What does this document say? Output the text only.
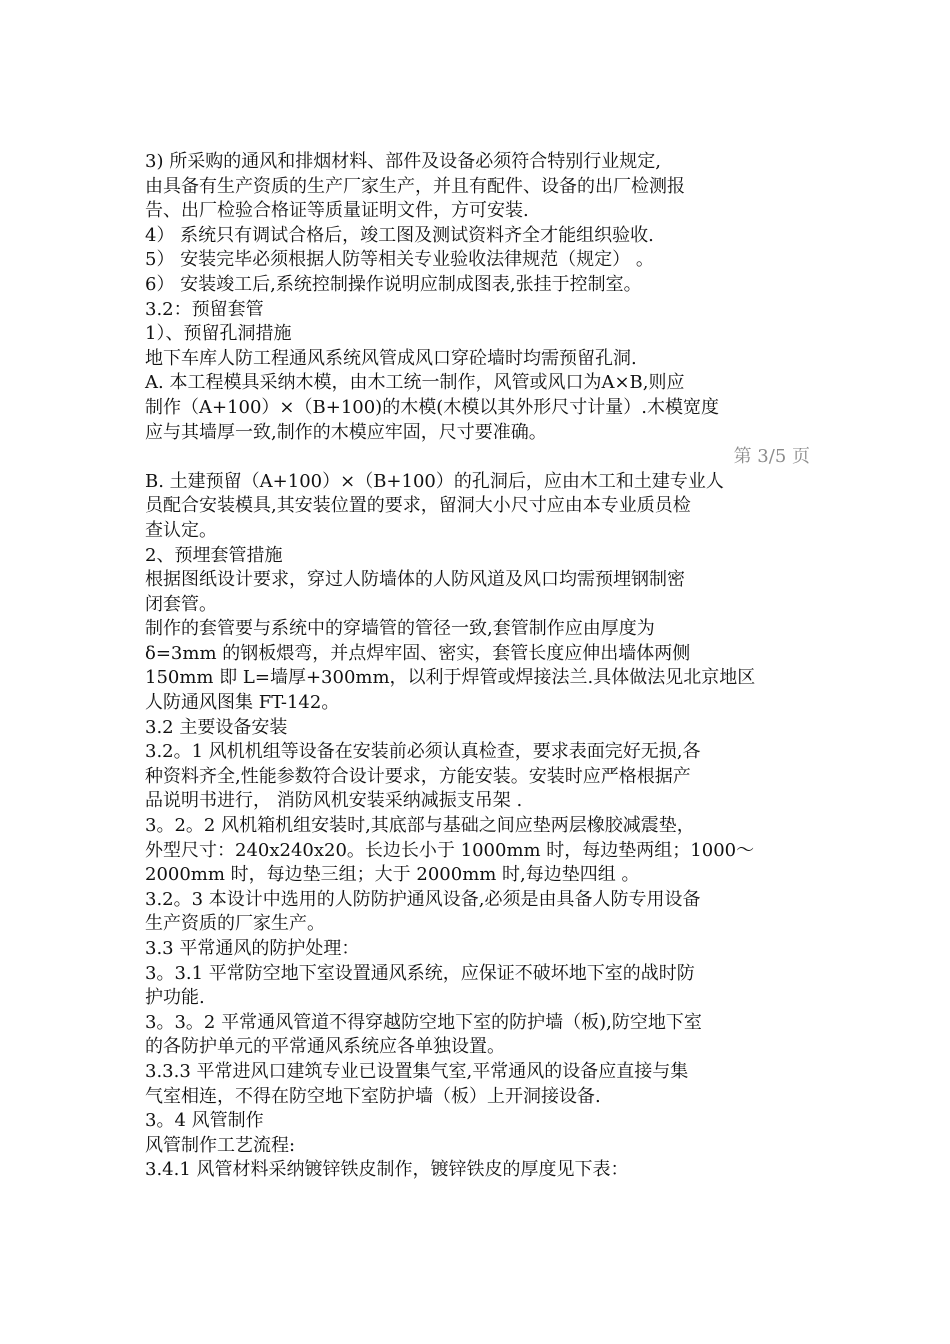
3) 所采购的通风和排烟材料、部件及设备必须符合特别行业规定,
由具备有生产资质的生产厂家生产，并且有配件、设备的出厂检测报
告、出厂检验合格证等质量证明文件，方可安装.
4） 系统只有调试合格后，竣工图及测试资料齐全才能组织验收.
5） 安装完毕必须根据人防等相关专业验收法律规范（规定） 。
6） 安装竣工后,系统控制操作说明应制成图表,张挂于控制室。
3.2：预留套管
1）、预留孔洞措施
地下车库人防工程通风系统风管成风口穿砼墙时均需预留孔洞.
A. 本工程模具采纳木模，由木工统一制作，风管或风口为A×B,则应
制作（A+100）×（B+100)的木模(木模以其外形尺寸计量）.木模宽度
应与其墙厚一致,制作的木模应牢固，尺寸要准确。
第 3/5 页
B. 土建预留（A+100）×（B+100）的孔洞后，应由木工和土建专业人
员配合安装模具,其安装位置的要求，留洞大小尺寸应由本专业质员检
查认定。
2、预埋套管措施
根据图纸设计要求，穿过人防墙体的人防风道及风口均需预埋钢制密
闭套管。
制作的套管要与系统中的穿墙管的管径一致,套管制作应由厚度为
δ=3mm 的钢板煨弯，并点焊牢固、密实，套管长度应伸出墙体两侧
150mm 即 L=墙厚+300mm，以利于焊管或焊接法兰.具体做法见北京地区
人防通风图集 FT-142。
3.2 主要设备安装
3.2。1 风机机组等设备在安装前必须认真检查，要求表面完好无损,各
种资料齐全,性能参数符合设计要求，方能安装。安装时应严格根据产
品说明书进行， 消防风机安装采纳减振支吊架 .
3。2。2 风机箱机组安装时,其底部与基础之间应垫两层橡胶减震垫，
外型尺寸：240x240x20。长边长小于 1000mm 时，每边垫两组；1000～
2000mm 时，每边垫三组；大于 2000mm 时,每边垫四组 。
3.2。3 本设计中选用的人防防护通风设备,必须是由具备人防专用设备
生产资质的厂家生产。
3.3 平常通风的防护处理：
3。3.1 平常防空地下室设置通风系统，应保证不破坏地下室的战时防
护功能.
3。3。2 平常通风管道不得穿越防空地下室的防护墙（板),防空地下室
的各防护单元的平常通风系统应各单独设置。
3.3.3 平常进风口建筑专业已设置集气室,平常通风的设备应直接与集
气室相连，不得在防空地下室防护墙（板）上开洞接设备.
3。4 风管制作
风管制作工艺流程:
3.4.1 风管材料采纳镀锌铁皮制作，镀锌铁皮的厚度见下表：
